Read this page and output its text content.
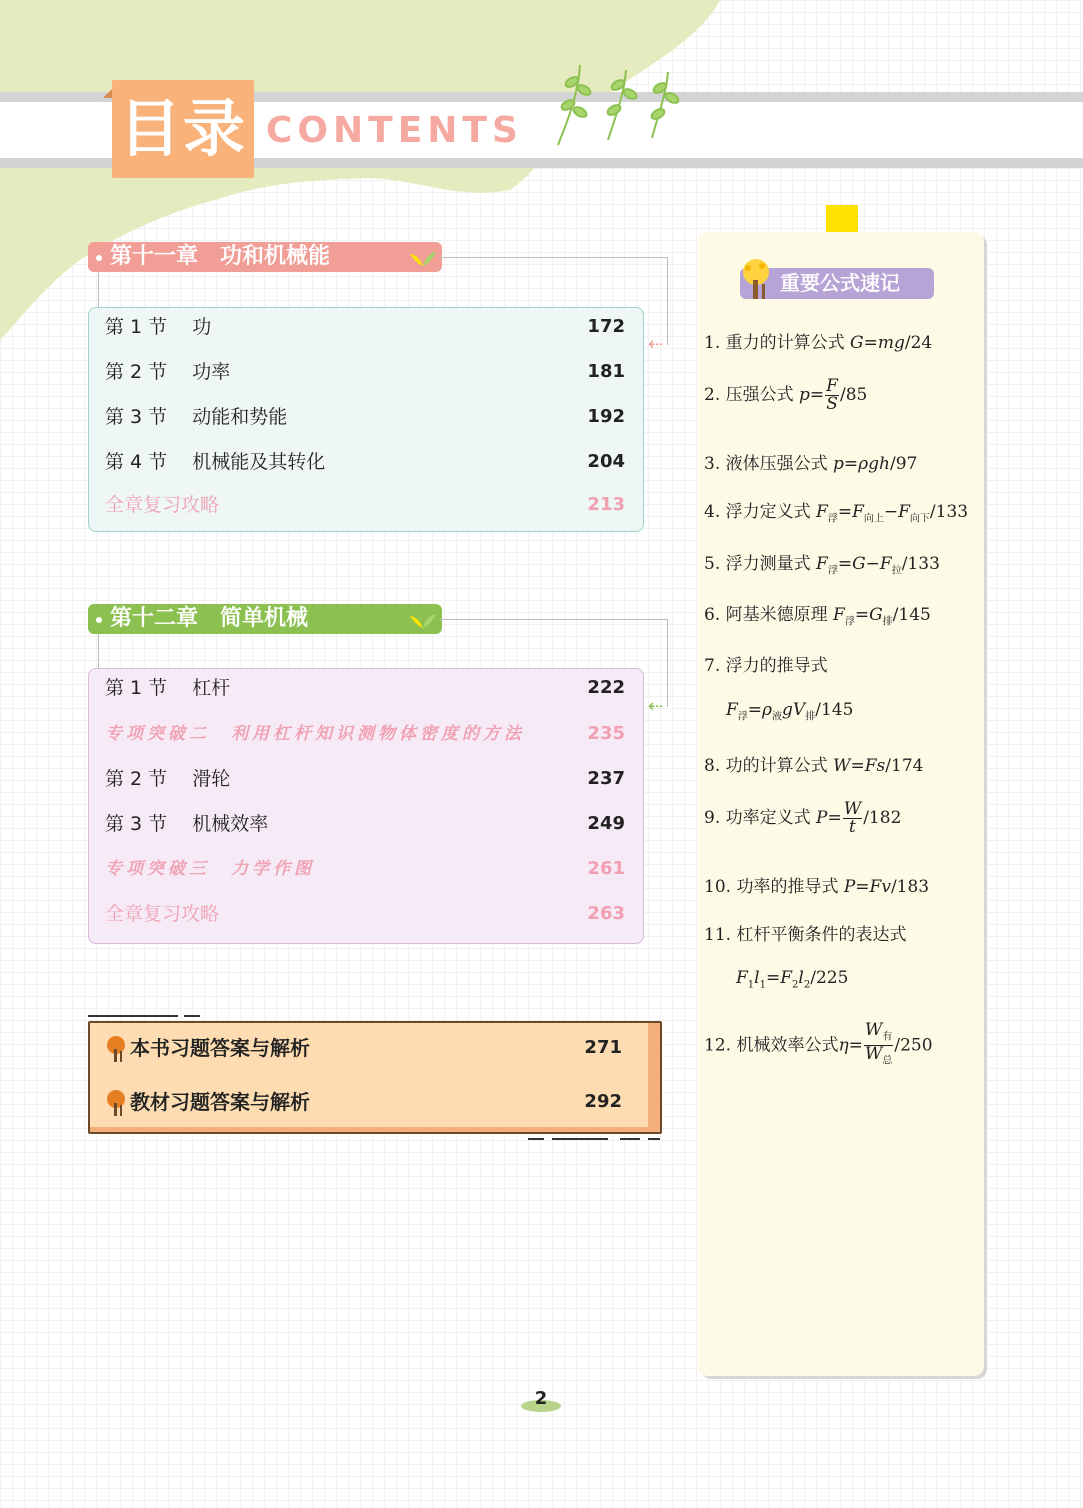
目录 CONTENTS
第十一章　功和机械能
⇠
第 1 节　 功	172
第 2 节　 功率	181
第 3 节　 动能和势能	192
第 4 节　 机械能及其转化	204
全章复习攻略	213
第十二章　简单机械
⇠
第 1 节　 杠杆	222
专项突破二　利用杠杆知识测物体密度的方法	235
第 2 节　 滑轮	237
第 3 节　 机械效率	249
专项突破三　力学作图	261
全章复习攻略	263
本书习题答案与解析	271
教材习题答案与解析	292
重要公式速记
1. 重力的计算公式 G=mg/24
2. 压强公式 $p= \frac{F}{S} /85$
3. 液体压强公式 p=ρgh/97
4. 浮力定义式 $F_浮=F_{向上}-F_{向下}/133$
5. 浮力测量式 $F_浮=G-F_拉/133$
6. 阿基米德原理 $F_浮=G_排/145$
7. 浮力的推导式
$F_浮=\rho_液gV_排/145$
8. 功的计算公式 W=Fs/174
9. 功率定义式 $P= \frac{W}{t} /182$
10. 功率的推导式 P=Fv/183
11. 杠杆平衡条件的表达式
$F_1l_1=F_2l_2/225$
12. 机械效率公式$\eta= \frac{W_有}{W_总} /250$
2
